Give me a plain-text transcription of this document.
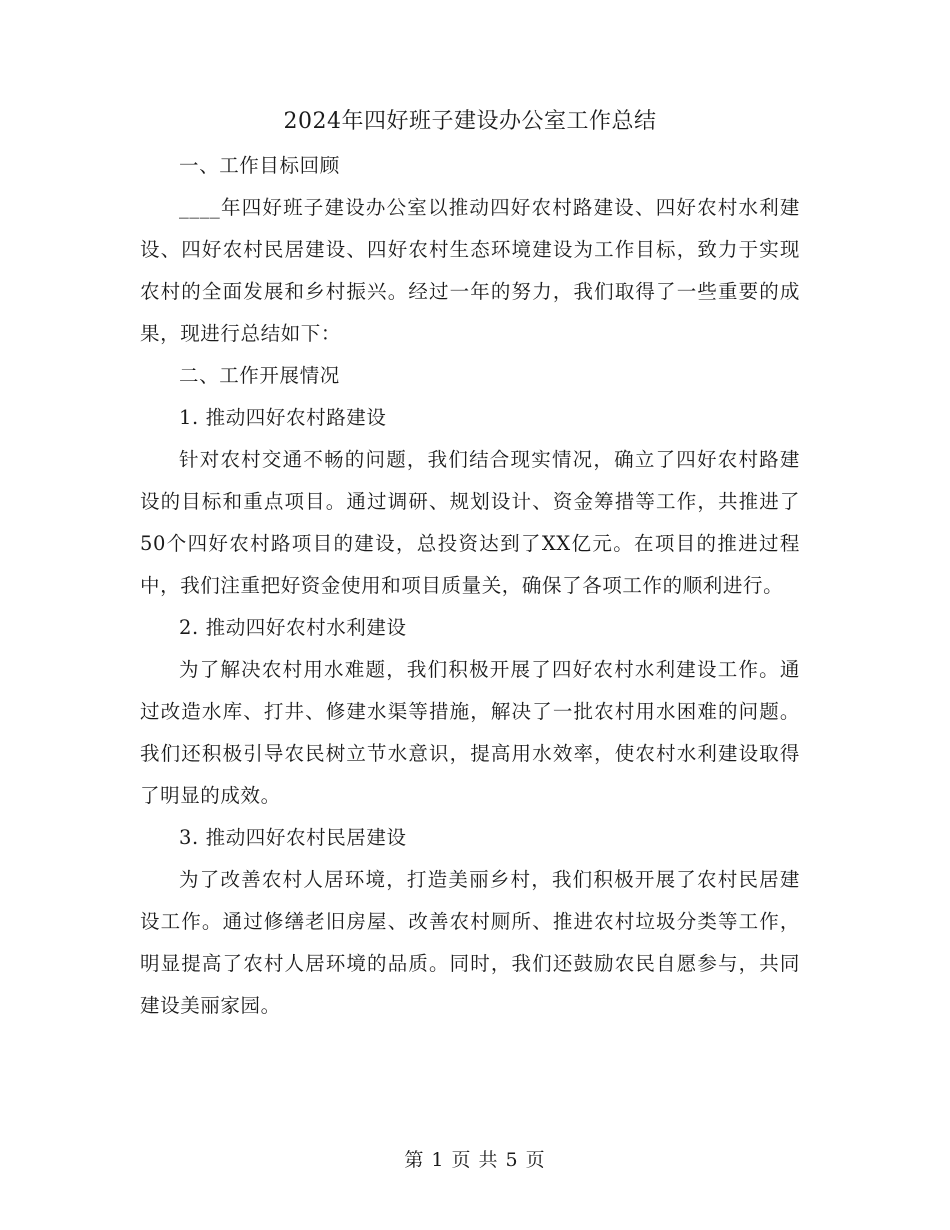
2024年四好班子建设办公室工作总结

一、工作目标回顾

____年四好班子建设办公室以推动四好农村路建设、四好农村水利建设、四好农村民居建设、四好农村生态环境建设为工作目标，致力于实现农村的全面发展和乡村振兴。经过一年的努力，我们取得了一些重要的成果，现进行总结如下：

二、工作开展情况

1. 推动四好农村路建设

针对农村交通不畅的问题，我们结合现实情况，确立了四好农村路建设的目标和重点项目。通过调研、规划设计、资金筹措等工作，共推进了50个四好农村路项目的建设，总投资达到了XX亿元。在项目的推进过程中，我们注重把好资金使用和项目质量关，确保了各项工作的顺利进行。

2. 推动四好农村水利建设

为了解决农村用水难题，我们积极开展了四好农村水利建设工作。通过改造水库、打井、修建水渠等措施，解决了一批农村用水困难的问题。我们还积极引导农民树立节水意识，提高用水效率，使农村水利建设取得了明显的成效。

3. 推动四好农村民居建设

为了改善农村人居环境，打造美丽乡村，我们积极开展了农村民居建设工作。通过修缮老旧房屋、改善农村厕所、推进农村垃圾分类等工作，明显提高了农村人居环境的品质。同时，我们还鼓励农民自愿参与，共同建设美丽家园。

第 1 页 共 5 页
